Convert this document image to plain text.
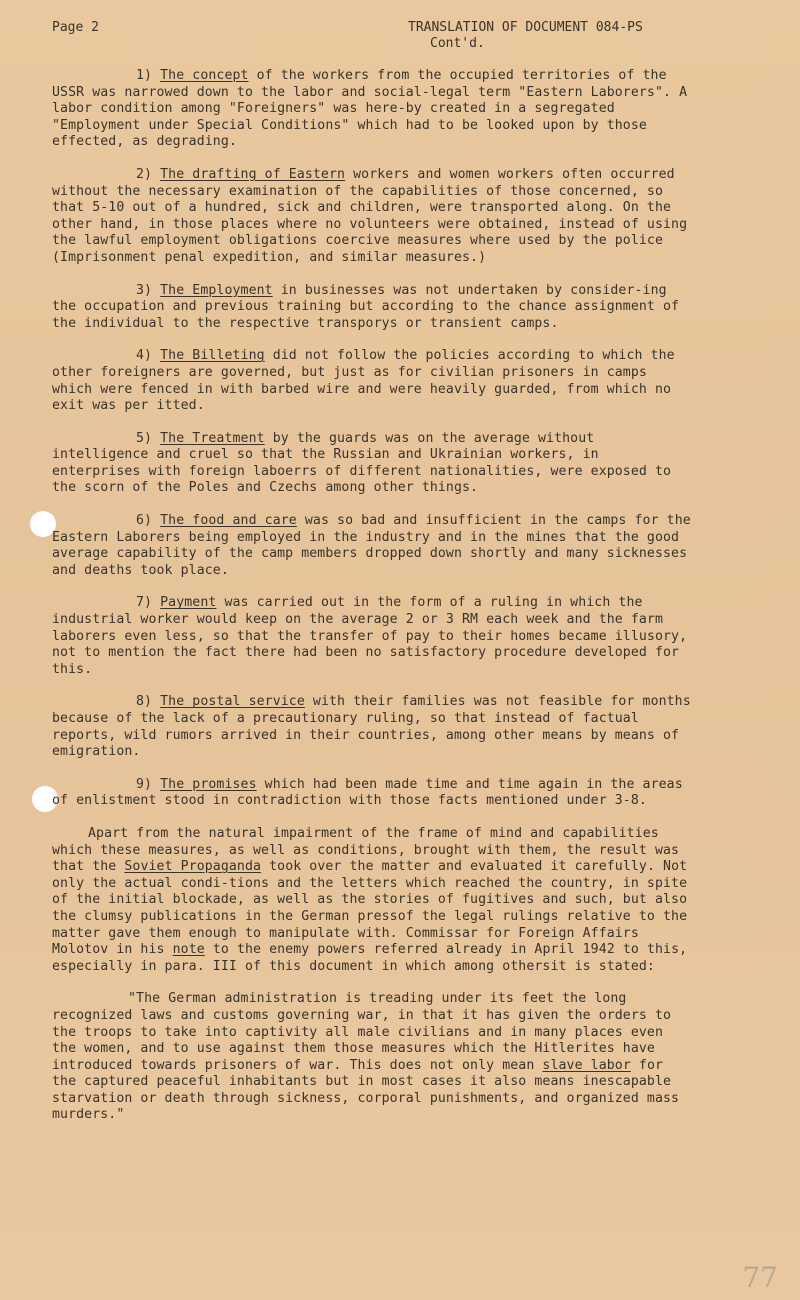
Page 2	TRANSLATION OF DOCUMENT 084-PS
Cont'd.

1) The concept of the workers from the occupied territories of the USSR was narrowed down to the labor and social-legal term "Eastern Laborers". A labor condition among "Foreigners" was here-by created in a segregated "Employment under Special Conditions" which had to be looked upon by those effected, as degrading.

2) The drafting of Eastern workers and women workers often occurred without the necessary examination of the capabilities of those concerned, so that 5-10 out of a hundred, sick and children, were transported along. On the other hand, in those places where no volunteers were obtained, instead of using the lawful employment obligations coercive measures where used by the police (Imprisonment penal expedition, and similar measures.)

3) The Employment in businesses was not undertaken by consider-ing the occupation and previous training but according to the chance assignment of the individual to the respective transporys or transient camps.

4) The Billeting did not follow the policies according to which the other foreigners are governed, but just as for civilian prisoners in camps which were fenced in with barbed wire and were heavily guarded, from which no exit was per itted.

5) The Treatment by the guards was on the average without intelligence and cruel so that the Russian and Ukrainian workers, in enterprises with foreign laboerrs of different nationalities, were exposed to the scorn of the Poles and Czechs among other things.

6) The food and care was so bad and insufficient in the camps for the Eastern Laborers being employed in the industry and in the mines that the good average capability of the camp members dropped down shortly and many sicknesses and deaths took place.

7) Payment was carried out in the form of a ruling in which the industrial worker would keep on the average 2 or 3 RM each week and the farm laborers even less, so that the transfer of pay to their homes became illusory, not to mention the fact there had been no satisfactory procedure developed for this.

8) The postal service with their families was not feasible for months because of the lack of a precautionary ruling, so that instead of factual reports, wild rumors arrived in their countries, among other means by means of emigration.

9) The promises which had been made time and time again in the areas of enlistment stood in contradiction with those facts mentioned under 3-8.

Apart from the natural impairment of the frame of mind and capabilities which these measures, as well as conditions, brought with them, the result was that the Soviet Propaganda took over the matter and evaluated it carefully. Not only the actual condi-tions and the letters which reached the country, in spite of the initial blockade, as well as the stories of fugitives and such, but also the clumsy publications in the German pressof the legal rulings relative to the matter gave them enough to manipulate with. Commissar for Foreign Affairs Molotov in his note to the enemy powers referred already in April 1942 to this, especially in para. III of this document in which among othersit is stated:

"The German administration is treading under its feet the long recognized laws and customs governing war, in that it has given the orders to the troops to take into captivity all male civilians and in many places even the women, and to use against them those measures which the Hitlerites have introduced towards prisoners of war. This does not only mean slave labor for the captured peaceful inhabitants but in most cases it also means inescapable starvation or death through sickness, corporal punishments, and organized mass murders."

77
